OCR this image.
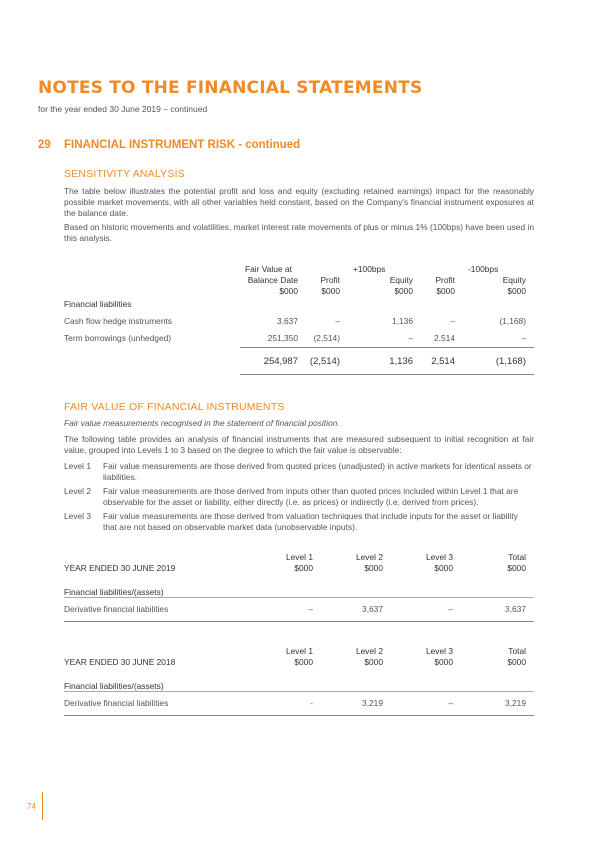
NOTES TO THE FINANCIAL STATEMENTS
for the year ended 30 June 2019 – continued
29 FINANCIAL INSTRUMENT RISK - continued
SENSITIVITY ANALYSIS

The table below illustrates the potential profit and loss and equity (excluding retained earnings) impact for the reasonably possible market movements, with all other variables held constant, based on the Company's financial instrument exposures at the balance date.

Based on historic movements and volatilities, market interest rate movements of plus or minus 1% (100bps) have been used in this analysis.

Fair Value at	+100bps	-100bps
Balance Date	Profit	Equity	Profit	Equity
$000	$000	$000	$000	$000
Financial liabilities
Cash flow hedge instruments	3,637	–	1,136	–	(1,168)
Term borrowings (unhedged)	251,350	(2,514)	–	2,514	–
254,987	(2,514)	1,136	2,514	(1,168)
FAIR VALUE OF FINANCIAL INSTRUMENTS

Fair value measurements recognised in the statement of financial position.

The following table provides an analysis of financial instruments that are measured subsequent to initial recognition at fair value, grouped into Levels 1 to 3 based on the degree to which the fair value is observable:

Level 1 Fair value measurements are those derived from quoted prices (unadjusted) in active markets for identical assets or liabilities.
Level 2 Fair value measurements are those derived from inputs other than quoted prices included within Level 1 that are observable for the asset or liability, either directly (i.e. as prices) or indirectly (i.e. derived from prices).
Level 3 Fair value measurements are those derived from valuation techniques that include inputs for the asset or liability that are not based on observable market data (unobservable inputs).
Level 1	Level 2	Level 3	Total
YEAR ENDED 30 JUNE 2019	$000	$000	$000	$000
Financial liabilities/(assets)
Derivative financial liabilities	–	3,637	–	3,637
Level 1	Level 2	Level 3	Total
YEAR ENDED 30 JUNE 2018	$000	$000	$000	$000
Financial liabilities/(assets)
Derivative financial liabilities	-	3,219	–	3,219
74
